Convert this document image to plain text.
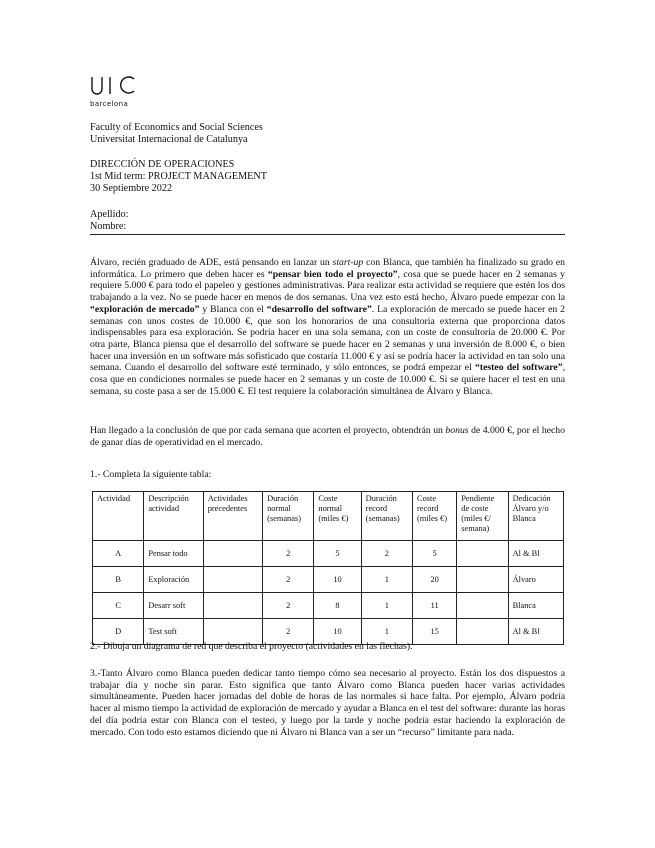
barcelona
Faculty of Economics and Social Sciences
Universitat Internacional de Catalunya
DIRECCIÓN DE OPERACIONES
1st Mid term: PROJECT MANAGEMENT
30 Septiembre 2022
Apellido:
Nombre:

Álvaro, recién graduado de ADE, está pensando en lanzar un start-up con Blanca, que también ha finalizado su grado en informática. Lo primero que deben hacer es “pensar bien todo el proyecto”, cosa que se puede hacer en 2 semanas y requiere 5.000 € para todo el papeleo y gestiones administrativas. Para realizar esta actividad se requiere que estén los dos trabajando a la vez. No se puede hacer en menos de dos semanas. Una vez esto está hecho, Álvaro puede empezar con la “exploración de mercado” y Blanca con el “desarrollo del software”. La exploración de mercado se puede hacer en 2 semanas con unos costes de 10.000 €, que son los honorarios de una consultoría externa que proporciona datos indispensables para esa exploración. Se podría hacer en una sola semana, con un coste de consultoría de 20.000 €. Por otra parte, Blanca piensa que el desarrollo del software se puede hacer en 2 semanas y una inversión de 8.000 €, o bien hacer una inversión en un software más sofisticado que costaría 11.000 € y así se podría hacer la actividad en tan solo una semana. Cuando el desarrollo del software esté terminado, y sólo entonces, se podrá empezar el “testeo del software”, cosa que en condiciones normales se puede hacer en 2 semanas y un coste de 10.000 €. Si se quiere hacer el test en una semana, su coste pasa a ser de 15.000 €. El test requiere la colaboración simultánea de Álvaro y Blanca.

Han llegado a la conclusión de que por cada semana que acorten el proyecto, obtendrán un bonus de 4.000 €, por el hecho de ganar días de operatividad en el mercado.

1.- Completa la siguiente tabla:
Actividad	Descripción actividad	Actividades precedentes	Duración normal (semanas)	Coste normal (miles €)	Duración record (semanas)	Coste record (miles €)	Pendiente de coste (miles €/ semana)	Dedicación Álvaro y/o Blanca
A	Pensar todo		2	5	2	5		Al & Bl
B	Exploración		2	10	1	20		Álvaro
C	Desarr soft		2	8	1	11		Blanca
D	Test soft		2	10	1	15		Al & Bl
2.- Dibuja un diagrama de red que describa el proyecto (actividades en las flechas).

3.-Tanto Álvaro como Blanca pueden dedicar tanto tiempo cómo sea necesario al proyecto. Están los dos dispuestos a trabajar día y noche sin parar. Esto significa que tanto Álvaro como Blanca pueden hacer varias actividades simultáneamente. Pueden hacer jornadas del doble de horas de las normales si hace falta. Por ejemplo, Álvaro podría hacer al mismo tiempo la actividad de exploración de mercado y ayudar a Blanca en el test del software: durante las horas del día podría estar con Blanca con el testeo, y luego por la tarde y noche podría estar haciendo la exploración de mercado. Con todo esto estamos diciendo que ni Álvaro ni Blanca van a ser un “recurso” limitante para nada.
